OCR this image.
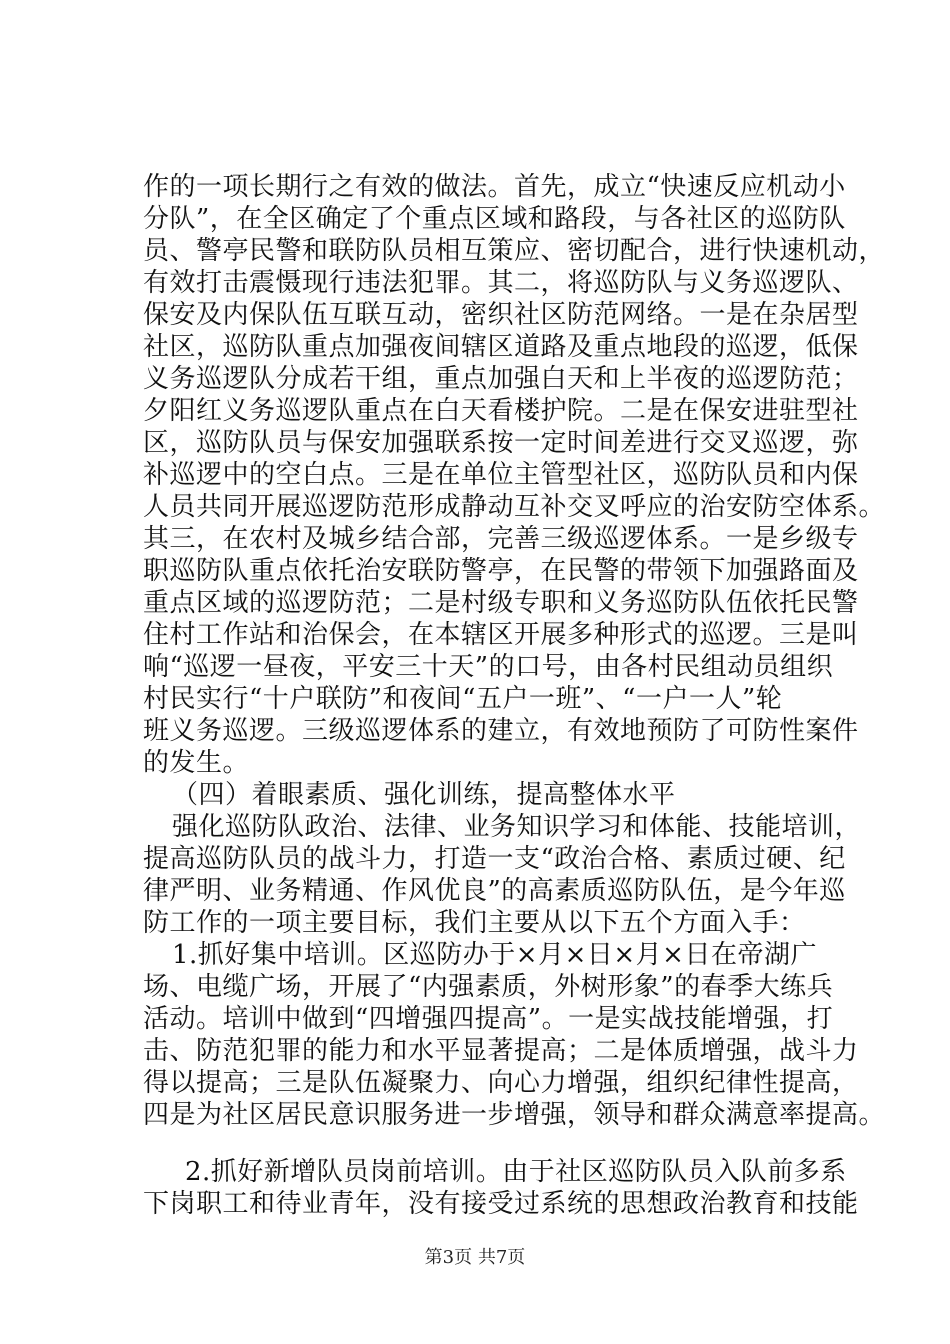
作的一项长期行之有效的做法。首先，成立“快速反应机动小
分队”，在全区确定了个重点区域和路段，与各社区的巡防队
员、警亭民警和联防队员相互策应、密切配合，进行快速机动，
有效打击震慑现行违法犯罪。其二，将巡防队与义务巡逻队、
保安及内保队伍互联互动，密织社区防范网络。一是在杂居型
社区，巡防队重点加强夜间辖区道路及重点地段的巡逻，低保
义务巡逻队分成若干组，重点加强白天和上半夜的巡逻防范；
夕阳红义务巡逻队重点在白天看楼护院。二是在保安进驻型社
区，巡防队员与保安加强联系按一定时间差进行交叉巡逻，弥
补巡逻中的空白点。三是在单位主管型社区，巡防队员和内保
人员共同开展巡逻防范形成静动互补交叉呼应的治安防空体系。
其三，在农村及城乡结合部，完善三级巡逻体系。一是乡级专
职巡防队重点依托治安联防警亭，在民警的带领下加强路面及
重点区域的巡逻防范；二是村级专职和义务巡防队伍依托民警
住村工作站和治保会，在本辖区开展多种形式的巡逻。三是叫
响“巡逻一昼夜，平安三十天”的口号，由各村民组动员组织
村民实行“十户联防”和夜间“五户一班”、“一户一人”轮
班义务巡逻。三级巡逻体系的建立，有效地预防了可防性案件
的发生。
（四）着眼素质、强化训练，提高整体水平
强化巡防队政治、法律、业务知识学习和体能、技能培训，
提高巡防队员的战斗力，打造一支“政治合格、素质过硬、纪
律严明、业务精通、作风优良”的高素质巡防队伍，是今年巡
防工作的一项主要目标，我们主要从以下五个方面入手：
1.抓好集中培训。区巡防办于×月×日×月×日在帝湖广
场、电缆广场，开展了“内强素质，外树形象”的春季大练兵
活动。培训中做到“四增强四提高”。一是实战技能增强，打
击、防范犯罪的能力和水平显著提高；二是体质增强，战斗力
得以提高；三是队伍凝聚力、向心力增强，组织纪律性提高，
四是为社区居民意识服务进一步增强，领导和群众满意率提高。
2.抓好新增队员岗前培训。由于社区巡防队员入队前多系
下岗职工和待业青年，没有接受过系统的思想政治教育和技能
第3页 共7页
